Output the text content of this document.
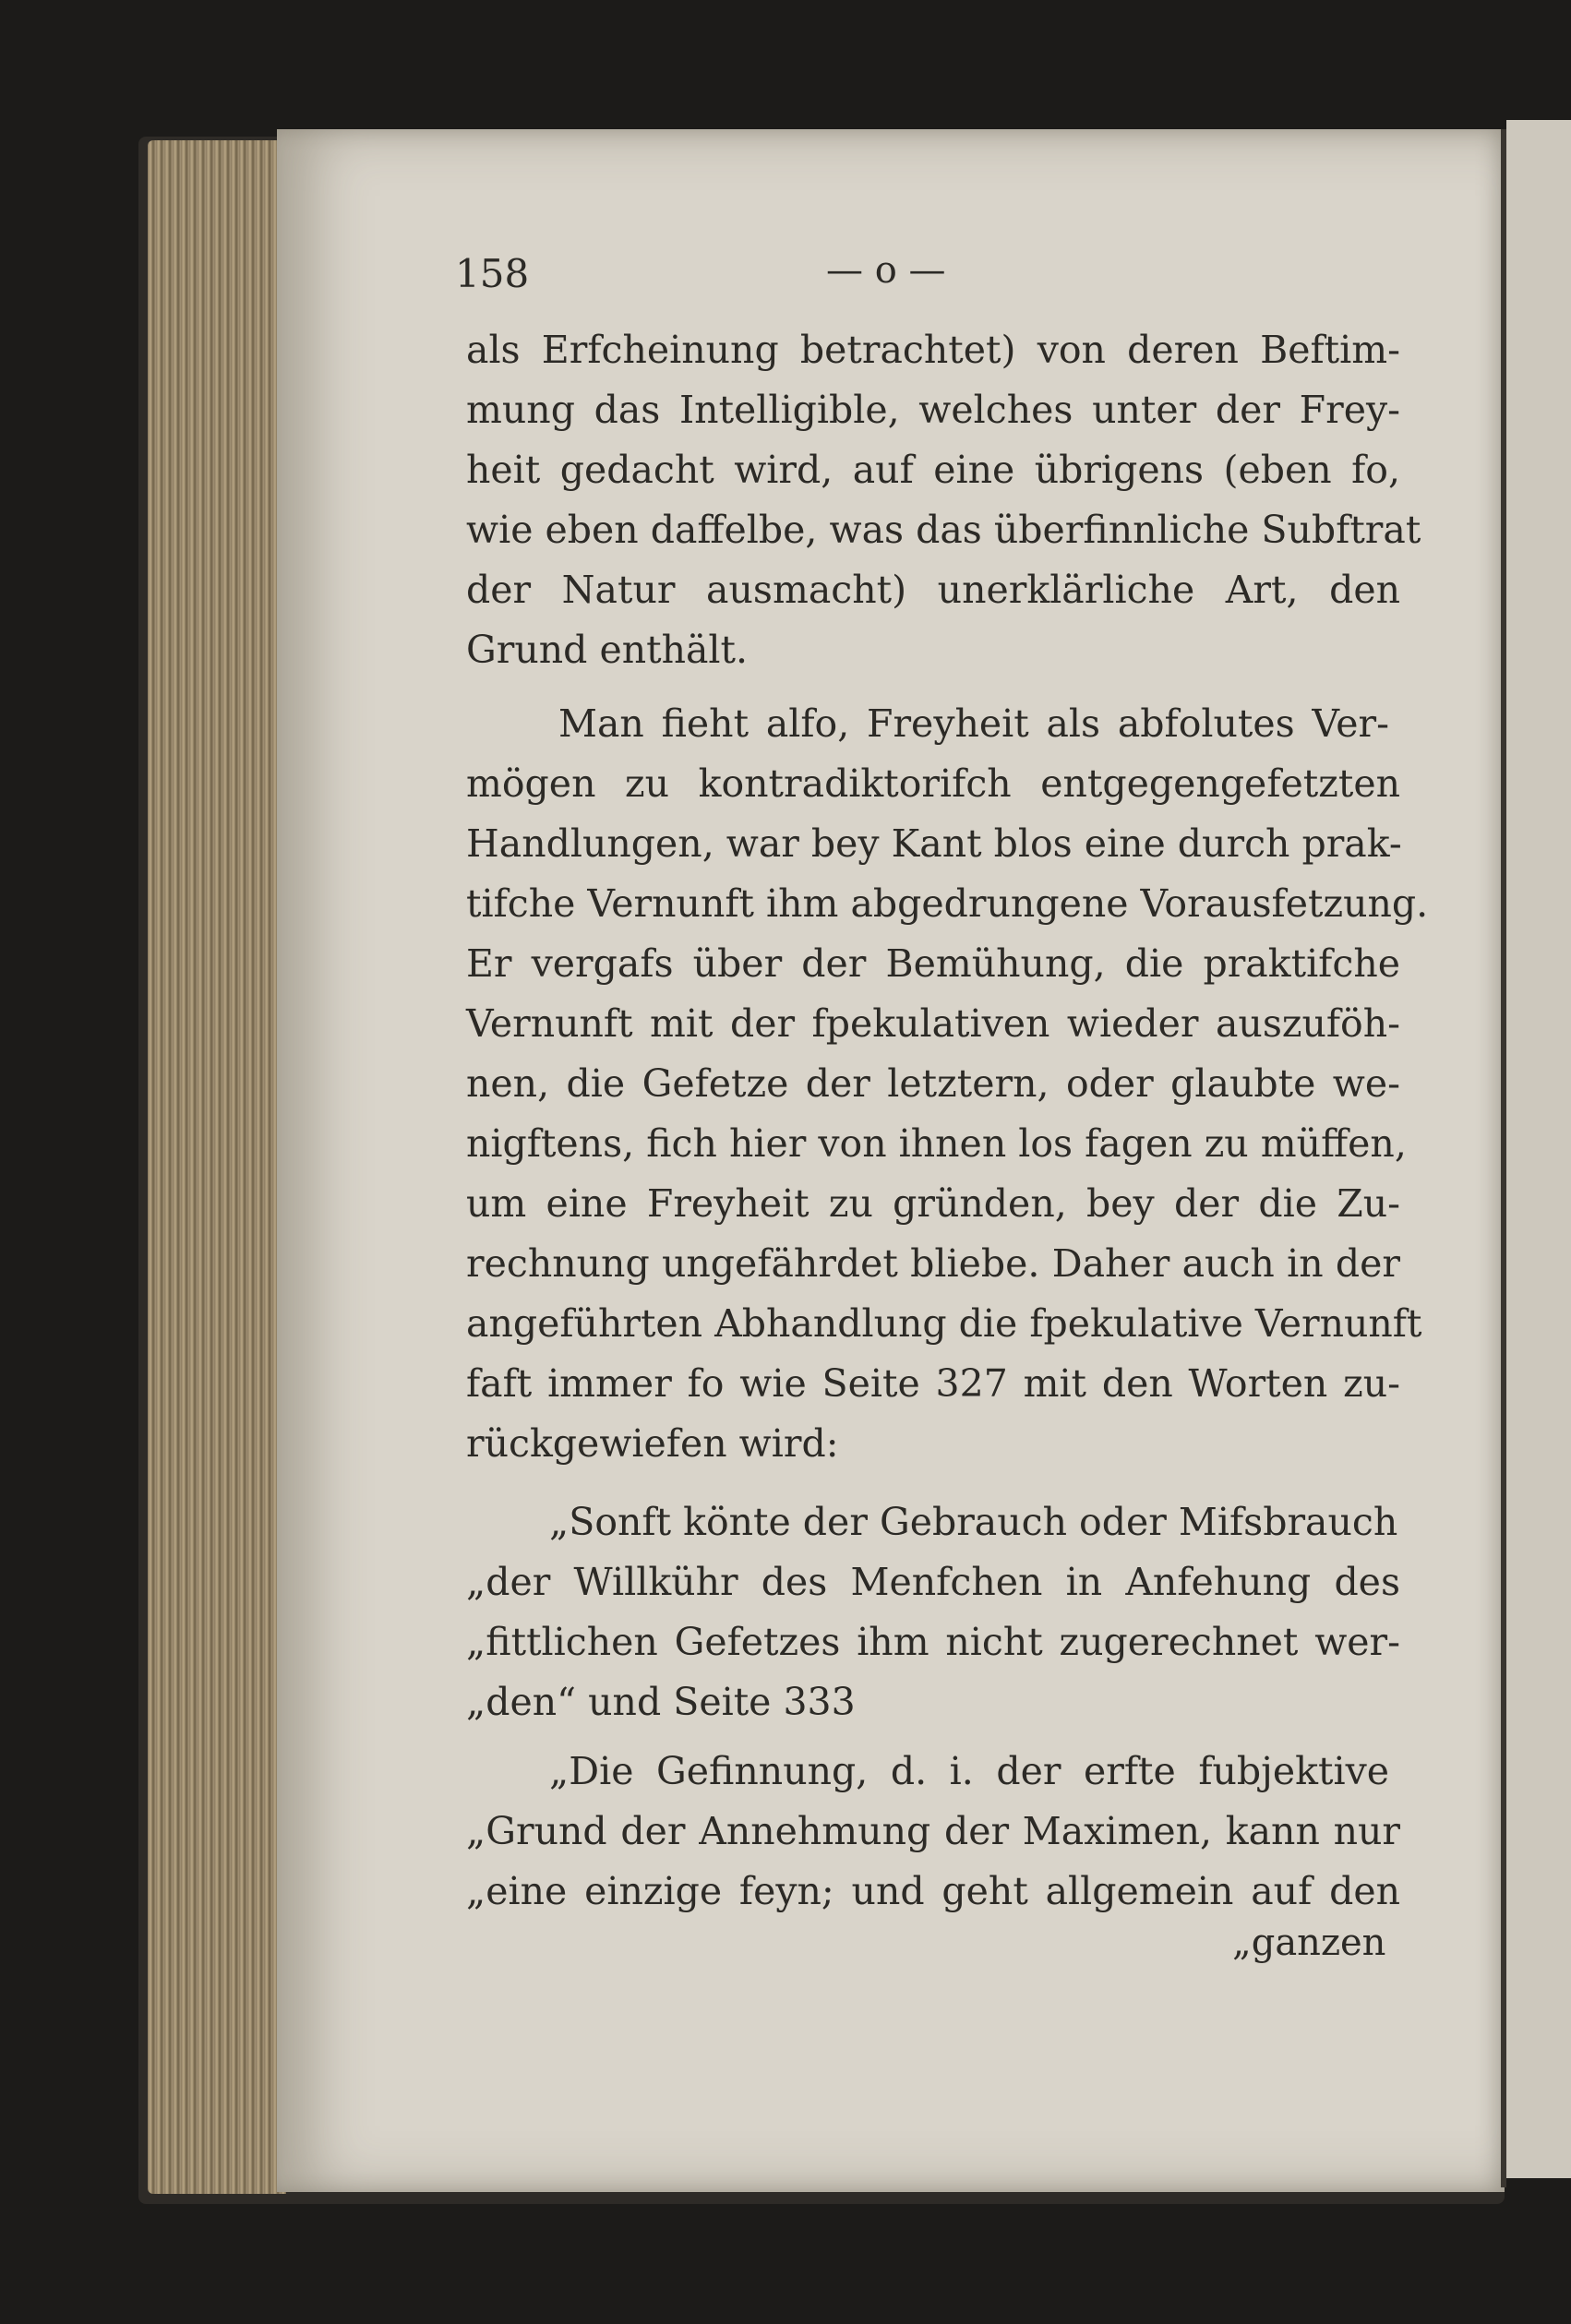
158	— o —
als Erfcheinung betrachtet) von deren Beftim-
mung das Intelligible, welches unter der Frey-
heit gedacht wird, auf eine übrigens (eben fo,
wie eben daffelbe, was das überfinnliche Subftrat
der Natur ausmacht) unerklärliche Art, den
Grund enthält.
Man fieht alfo, Freyheit als abfolutes Ver-
mögen zu kontradiktorifch entgegengefetzten
Handlungen, war bey Kant blos eine durch prak-
tifche Vernunft ihm abgedrungene Vorausfetzung.
Er vergafs über der Bemühung, die praktifche
Vernunft mit der fpekulativen wieder auszuföh-
nen, die Gefetze der letztern, oder glaubte we-
nigftens, fich hier von ihnen los fagen zu müffen,
um eine Freyheit zu gründen, bey der die Zu-
rechnung ungefährdet bliebe. Daher auch in der
angeführten Abhandlung die fpekulative Vernunft
faft immer fo wie Seite 327 mit den Worten zu-
rückgewiefen wird:
„Sonft könte der Gebrauch oder Mifsbrauch
„der Willkühr des Menfchen in Anfehung des
„fittlichen Gefetzes ihm nicht zugerechnet wer-
„den“ und Seite 333
„Die Gefinnung, d. i. der erfte fubjektive
„Grund der Annehmung der Maximen, kann nur
„eine einzige feyn; und geht allgemein auf den
„ganzen
